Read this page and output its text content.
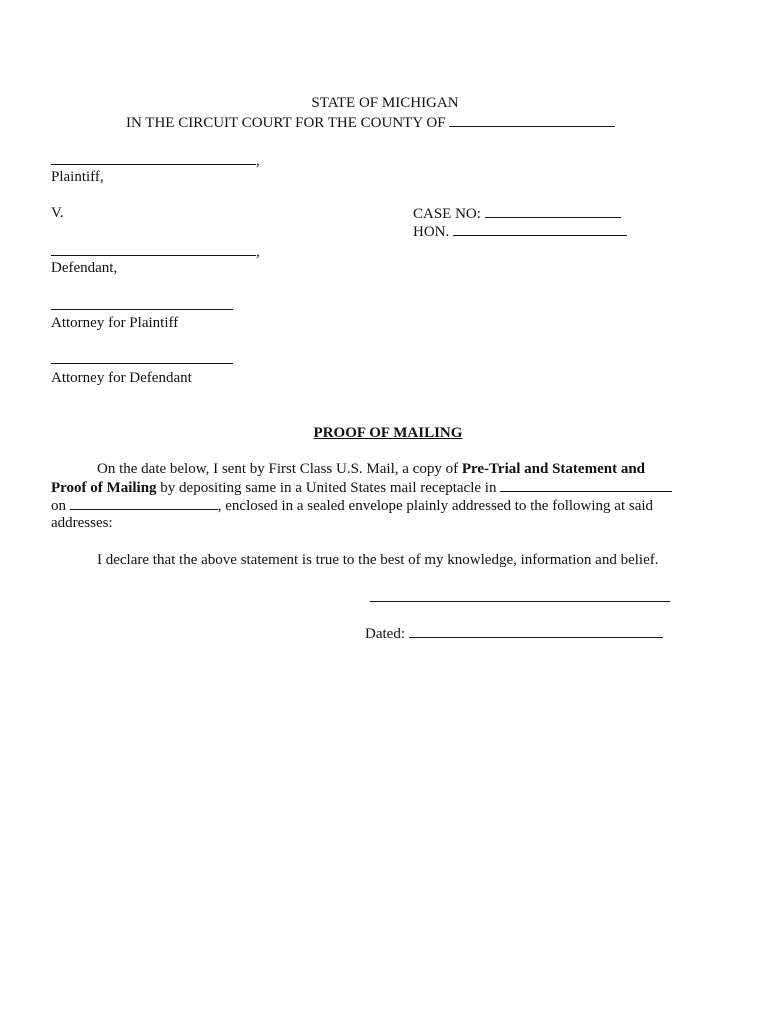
STATE OF MICHIGAN
IN THE CIRCUIT COURT FOR THE COUNTY OF
,
Plaintiff,
V.	CASE NO:
HON.
,
Defendant,
Attorney for Plaintiff
Attorney for Defendant
PROOF OF MAILING
On the date below, I sent by First Class U.S. Mail, a copy of Pre-Trial and Statement and
Proof of Mailing by depositing same in a United States mail receptacle in
on	, enclosed in a sealed envelope plainly addressed to the following at said
addresses:
I declare that the above statement is true to the best of my knowledge, information and belief.
Dated:
